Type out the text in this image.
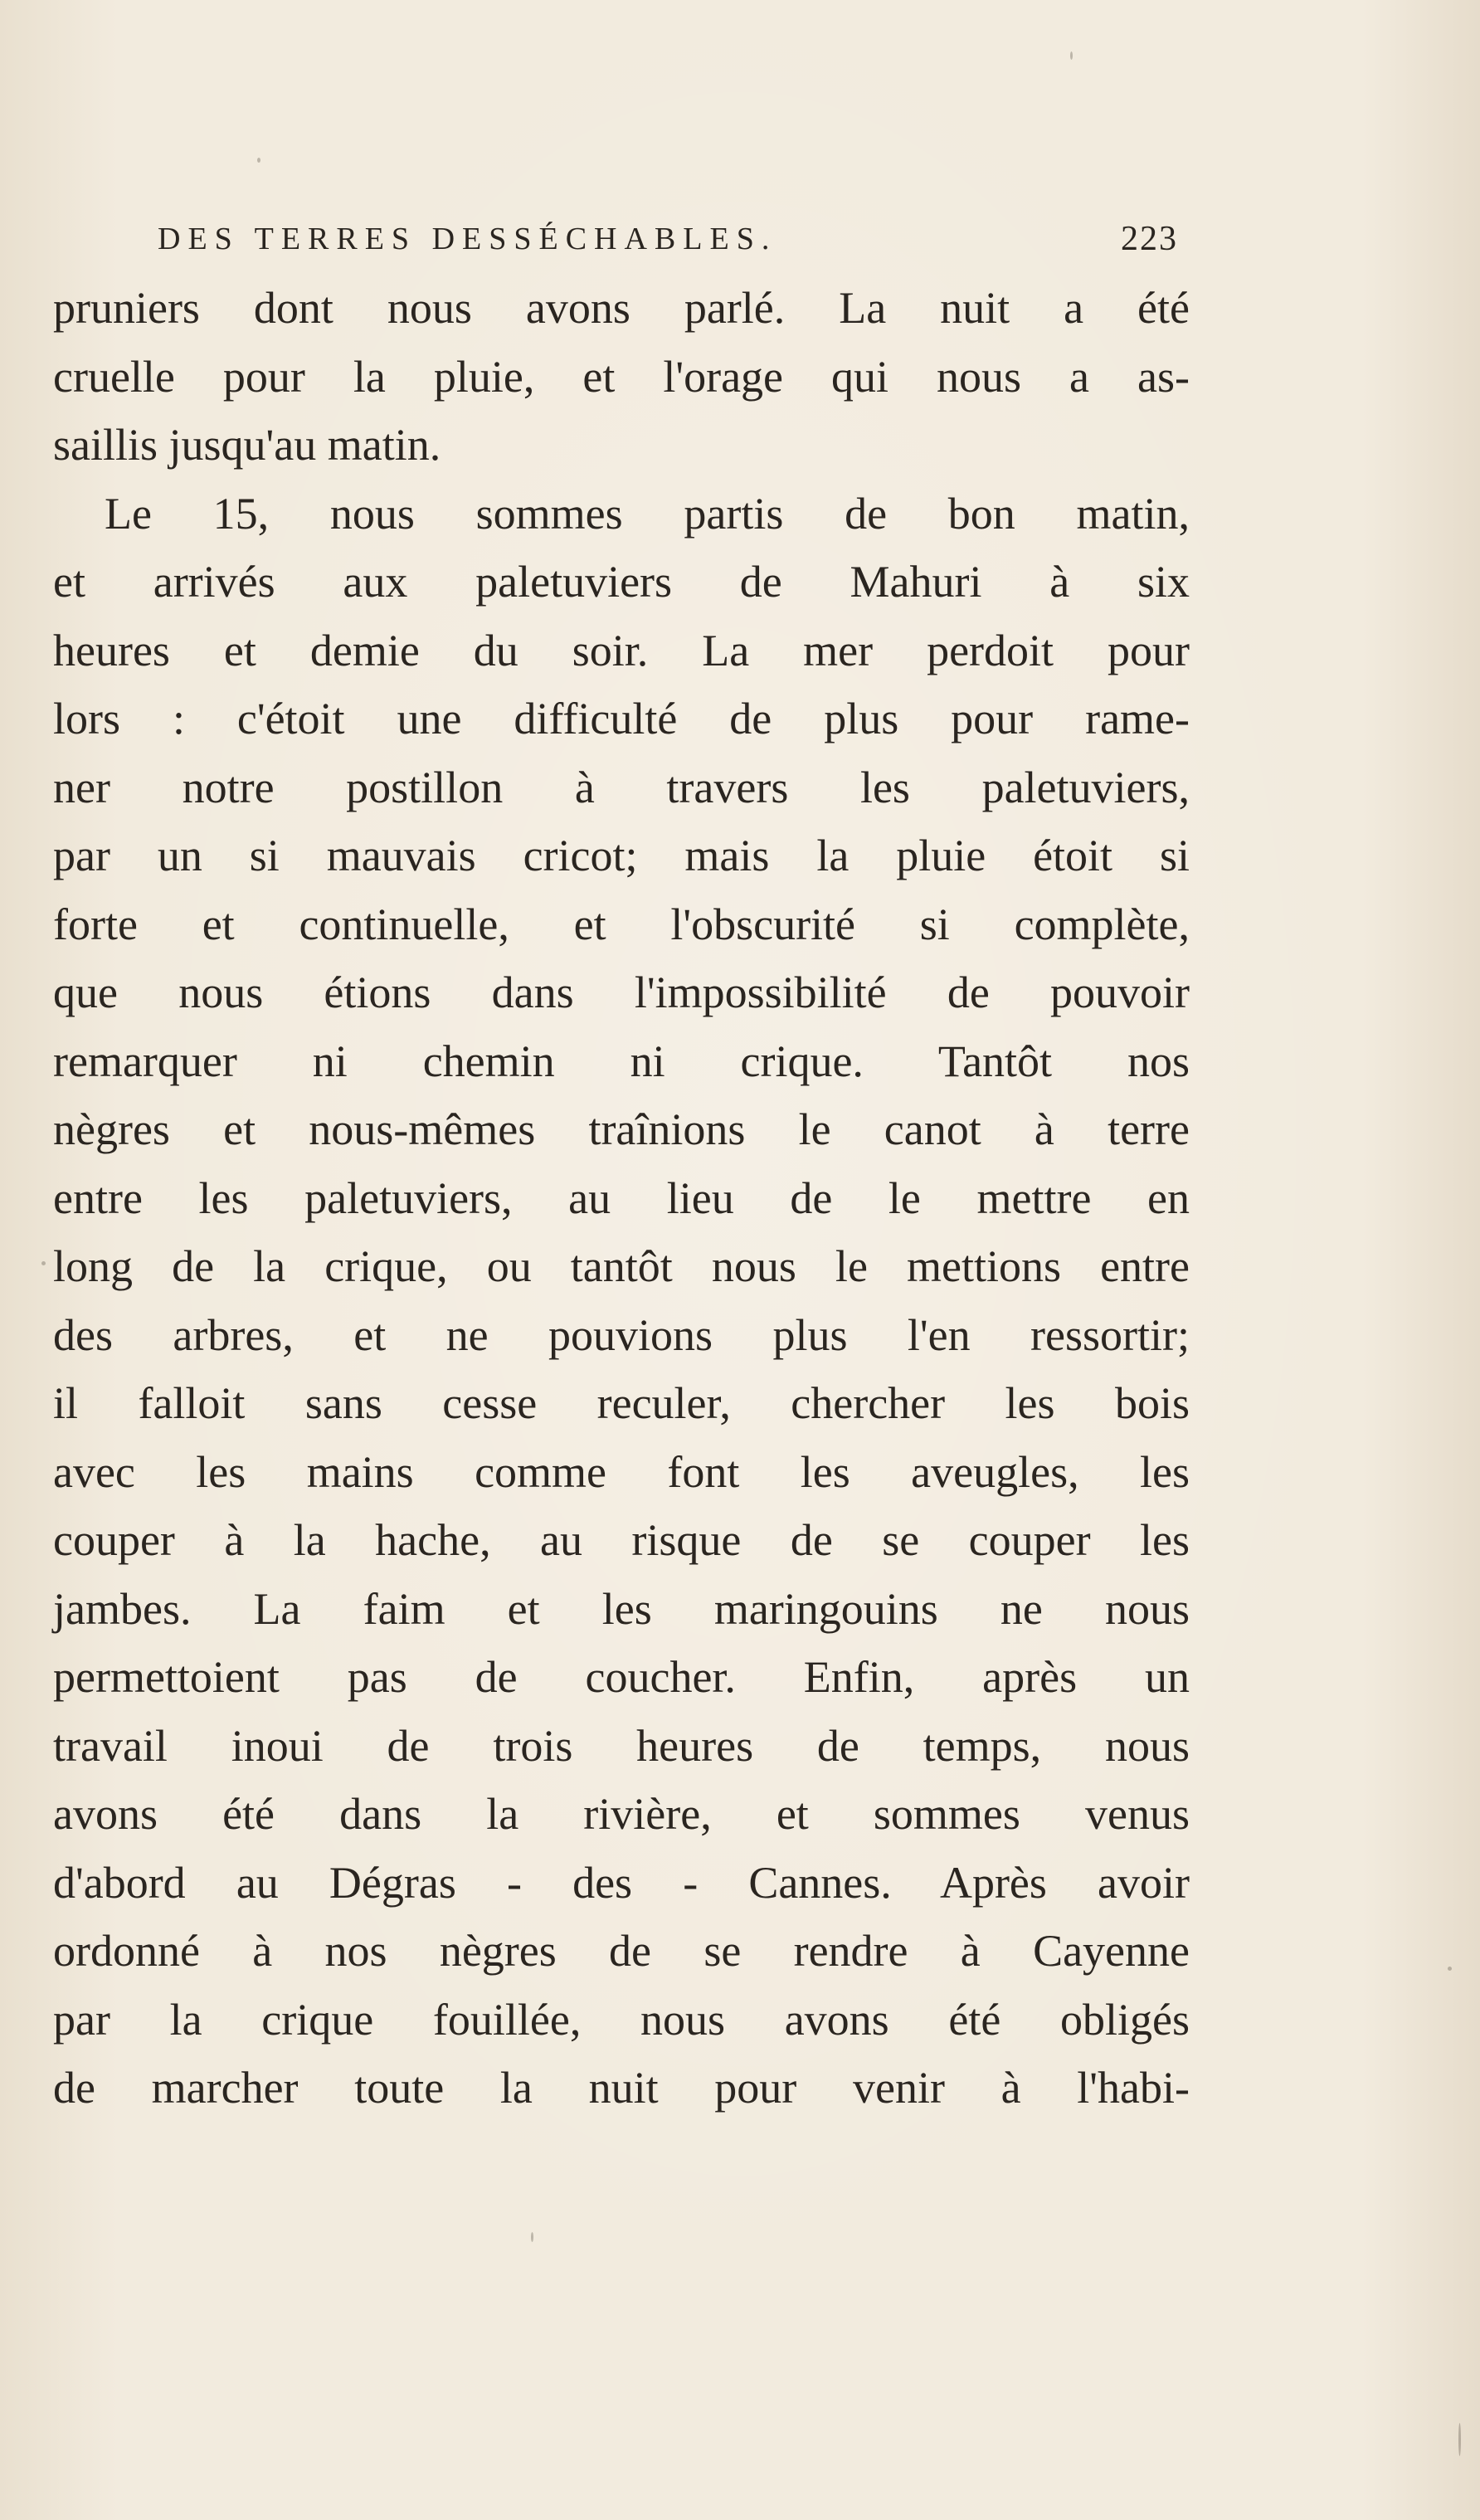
DES TERRES DESSÉCHABLES.	223
pruniers dont nous avons parlé. La nuit a été
cruelle pour la pluie, et l'orage qui nous a as-
saillis jusqu'au matin.
Le 15, nous sommes partis de bon matin,
et arrivés aux paletuviers de Mahuri à six
heures et demie du soir. La mer perdoit pour
lors : c'étoit une difficulté de plus pour rame-
ner notre postillon à travers les paletuviers,
par un si mauvais cricot; mais la pluie étoit si
forte et continuelle, et l'obscurité si complète,
que nous étions dans l'impossibilité de pouvoir
remarquer ni chemin ni crique. Tantôt nos
nègres et nous-mêmes traînions le canot à terre
entre les paletuviers, au lieu de le mettre en
long de la crique, ou tantôt nous le mettions entre
des arbres, et ne pouvions plus l'en ressortir;
il falloit sans cesse reculer, chercher les bois
avec les mains comme font les aveugles, les
couper à la hache, au risque de se couper les
jambes. La faim et les maringouins ne nous
permettoient pas de coucher. Enfin, après un
travail inoui de trois heures de temps, nous
avons été dans la rivière, et sommes venus
d'abord au Dégras - des - Cannes. Après avoir
ordonné à nos nègres de se rendre à Cayenne
par la crique fouillée, nous avons été obligés
de marcher toute la nuit pour venir à l'habi-
